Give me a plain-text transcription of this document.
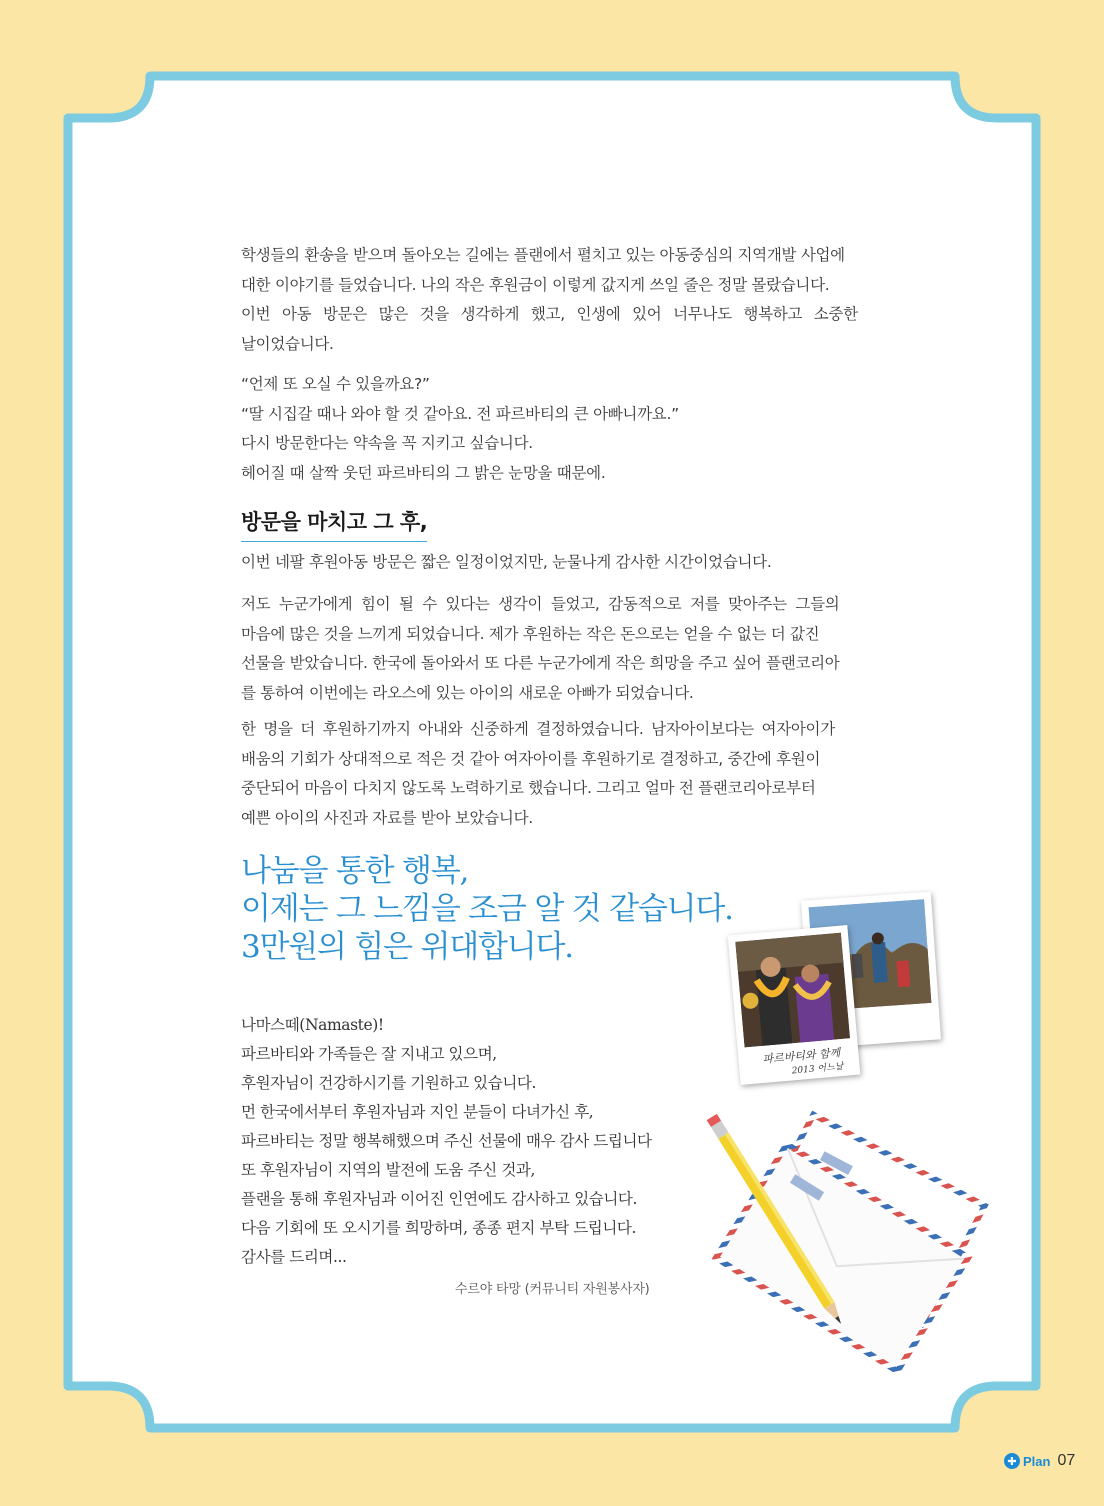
학생들의 환송을 받으며 돌아오는 길에는 플랜에서 펼치고 있는 아동중심의 지역개발 사업에
대한 이야기를 들었습니다. 나의 작은 후원금이 이렇게 값지게 쓰일 줄은 정말 몰랐습니다.
이번 아동 방문은 많은 것을 생각하게 했고, 인생에 있어 너무나도 행복하고 소중한
날이었습니다.
“언제 또 오실 수 있을까요?”
“딸 시집갈 때나 와야 할 것 같아요. 전 파르바티의 큰 아빠니까요.”
다시 방문한다는 약속을 꼭 지키고 싶습니다.
헤어질 때 살짝 웃던 파르바티의 그 밝은 눈망울 때문에.
방문을 마치고 그 후,
이번 네팔 후원아동 방문은 짧은 일정이었지만, 눈물나게 감사한 시간이었습니다.
저도 누군가에게 힘이 될 수 있다는 생각이 들었고, 감동적으로 저를 맞아주는 그들의
마음에 많은 것을 느끼게 되었습니다. 제가 후원하는 작은 돈으로는 얻을 수 없는 더 값진
선물을 받았습니다. 한국에 돌아와서 또 다른 누군가에게 작은 희망을 주고 싶어 플랜코리아
를 통하여 이번에는 라오스에 있는 아이의 새로운 아빠가 되었습니다.
한 명을 더 후원하기까지 아내와 신중하게 결정하였습니다. 남자아이보다는 여자아이가
배움의 기회가 상대적으로 적은 것 같아 여자아이를 후원하기로 결정하고, 중간에 후원이
중단되어 마음이 다치지 않도록 노력하기로 했습니다. 그리고 얼마 전 플랜코리아로부터
예쁜 아이의 사진과 자료를 받아 보았습니다.
나눔을 통한 행복,
이제는 그 느낌을 조금 알 것 같습니다.
3만원의 힘은 위대합니다.
파르바티와 함께
2013 어느날
나마스떼(Namaste)!
파르바티와 가족들은 잘 지내고 있으며,
후원자님이 건강하시기를 기원하고 있습니다.
먼 한국에서부터 후원자님과 지인 분들이 다녀가신 후,
파르바티는 정말 행복해했으며 주신 선물에 매우 감사 드립니다
또 후원자님이 지역의 발전에 도움 주신 것과,
플랜을 통해 후원자님과 이어진 인연에도 감사하고 있습니다.
다음 기회에 또 오시기를 희망하며, 종종 편지 부탁 드립니다.
감사를 드리며...
수르야 타망 (커뮤니티 자원봉사자)
✚ Plan 07
